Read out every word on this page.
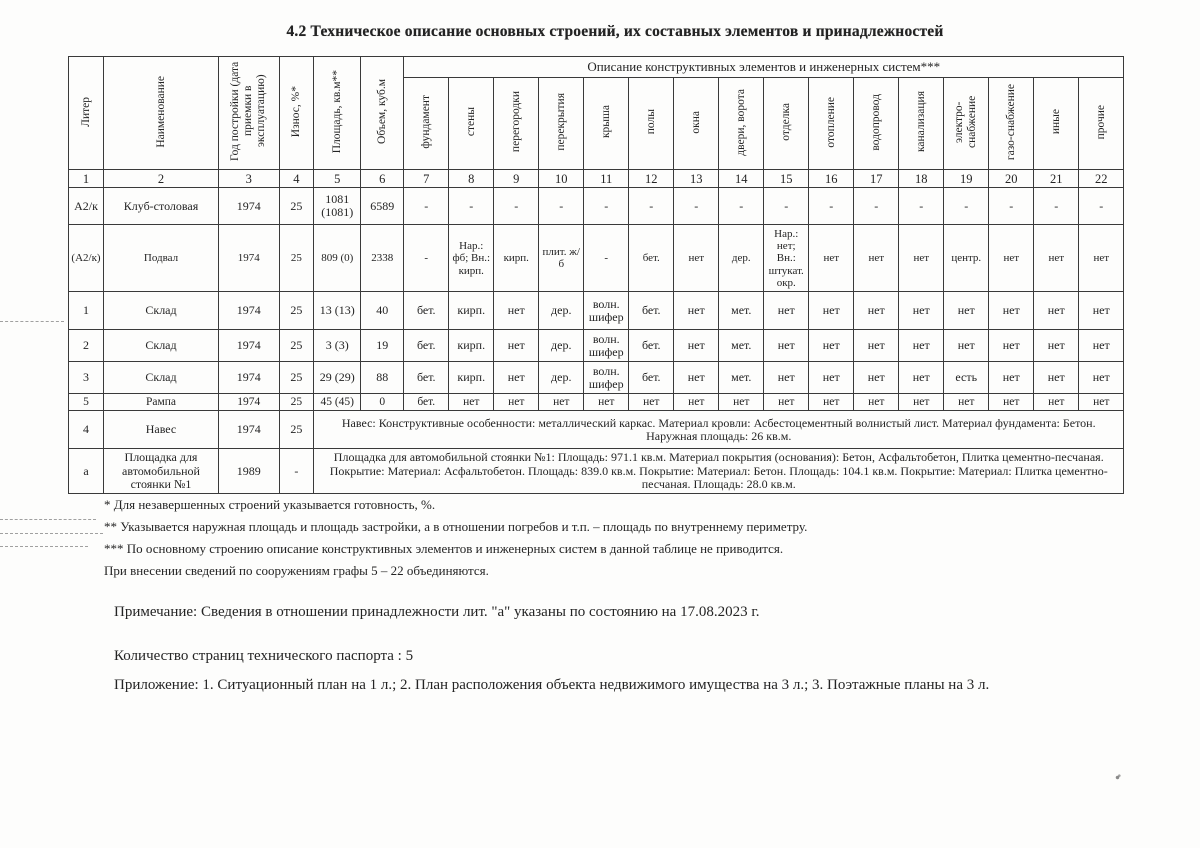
4.2 Техническое описание основных строений, их составных элементов и принадлежностей
Литер	Наименование	Год постройки (дата приемки в эксплуатацию)	Износ, %*	Площадь, кв.м**	Объем, куб.м	Описание конструктивных элементов и инженерных систем***															
						фундамент	стены	перегородки	перекрытия	крыша	полы	окна	двери, ворота	отделка	отопление	водопровод	канализация	электро-снабжение	газо-снабжение	иные	прочие
1	2	3	4	5	6	7	8	9	10	11	12	13	14	15	16	17	18	19	20	21	22
А2/к	Клуб-столовая	1974	25	1081 (1081)	6589	-	-	-	-	-	-	-	-	-	-	-	-	-	-	-	-
(А2/к)	Подвал	1974	25	809 (0)	2338	-	Нар.: фб; Вн.: кирп.	кирп.	плит. ж/б	-	бет.	нет	дер.	Нар.: нет; Вн.: штукат. окр.	нет	нет	нет	центр.	нет	нет	нет
1	Склад	1974	25	13 (13)	40	бет.	кирп.	нет	дер.	волн. шифер	бет.	нет	мет.	нет	нет	нет	нет	нет	нет	нет	нет
2	Склад	1974	25	3 (3)	19	бет.	кирп.	нет	дер.	волн. шифер	бет.	нет	мет.	нет	нет	нет	нет	нет	нет	нет	нет
3	Склад	1974	25	29 (29)	88	бет.	кирп.	нет	дер.	волн. шифер	бет.	нет	мет.	нет	нет	нет	нет	есть	нет	нет	нет
5	Рампа	1974	25	45 (45)	0	бет.	нет	нет	нет	нет	нет	нет	нет	нет	нет	нет	нет	нет	нет	нет	нет
4	Навес	1974	25	Навес: Конструктивные особенности: металлический каркас. Материал кровли: Асбестоцементный волнистый лист. Материал фундамента: Бетон. Наружная площадь: 26 кв.м.																	
а	Площадка для автомобильной стоянки №1	1989	-	Площадка для автомобильной стоянки №1: Площадь: 971.1 кв.м. Материал покрытия (основания): Бетон, Асфальтобетон, Плитка цементно-песчаная. Покрытие: Материал: Асфальтобетон. Площадь: 839.0 кв.м. Покрытие: Материал: Бетон. Площадь: 104.1 кв.м. Покрытие: Материал: Плитка цементно-песчаная. Площадь: 28.0 кв.м.																	

* Для незавершенных строений указывается готовность, %.

** Указывается наружная площадь и площадь застройки, а в отношении погребов и т.п. – площадь по внутреннему периметру.

*** По основному строению описание конструктивных элементов и инженерных систем в данной таблице не приводится.

При внесении сведений по сооружениям графы 5 – 22 объединяются.

Примечание: Сведения в отношении принадлежности лит. "а" указаны по состоянию на 17.08.2023 г.

Количество страниц технического паспорта : 5

Приложение: 1. Ситуационный план на 1 л.; 2. План расположения объекта недвижимого имущества на 3 л.; 3. Поэтажные планы на 3 л.
